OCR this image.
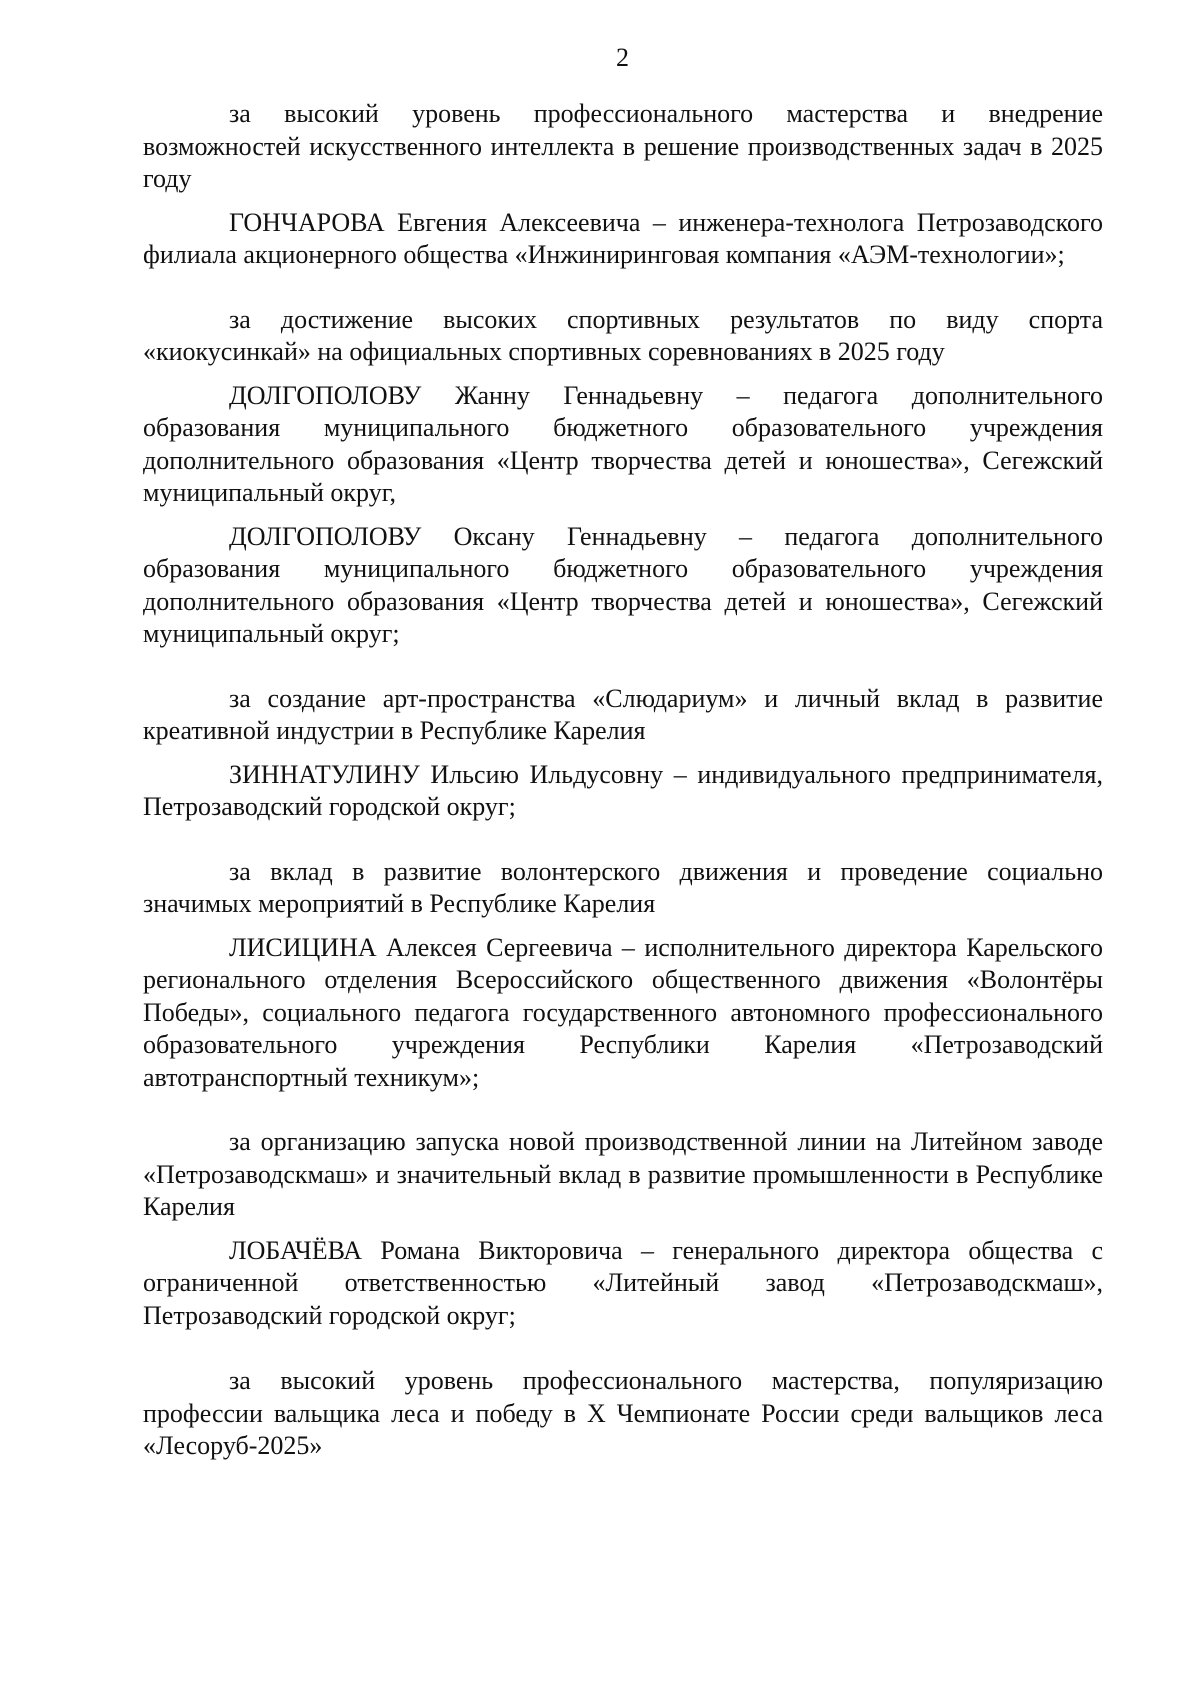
2

за высокий уровень профессионального мастерства и внедрение возможностей искусственного интеллекта в решение производственных задач в 2025 году

ГОНЧАРОВА Евгения Алексеевича – инженера-технолога Петрозаводского филиала акционерного общества «Инжиниринговая компания «АЭМ-технологии»;

за достижение высоких спортивных результатов по виду спорта «киокусинкай» на официальных спортивных соревнованиях в 2025 году

ДОЛГОПОЛОВУ Жанну Геннадьевну – педагога дополнительного образования муниципального бюджетного образовательного учреждения дополнительного образования «Центр творчества детей и юношества», Сегежский муниципальный округ,

ДОЛГОПОЛОВУ Оксану Геннадьевну – педагога дополнительного образования муниципального бюджетного образовательного учреждения дополнительного образования «Центр творчества детей и юношества», Сегежский муниципальный округ;

за создание арт-пространства «Слюдариум» и личный вклад в развитие креативной индустрии в Республике Карелия

ЗИННАТУЛИНУ Ильсию Ильдусовну – индивидуального предпринимателя, Петрозаводский городской округ;

за вклад в развитие волонтерского движения и проведение социально значимых мероприятий в Республике Карелия

ЛИСИЦИНА Алексея Сергеевича – исполнительного директора Карельского регионального отделения Всероссийского общественного движения «Волонтёры Победы», социального педагога государственного автономного профессионального образовательного учреждения Республики Карелия «Петрозаводский автотранспортный техникум»;

за организацию запуска новой производственной линии на Литейном заводе «Петрозаводскмаш» и значительный вклад в развитие промышленности в Республике Карелия

ЛОБАЧЁВА Романа Викторовича – генерального директора общества с ограниченной ответственностью «Литейный завод «Петрозаводскмаш», Петрозаводский городской округ;

за высокий уровень профессионального мастерства, популяризацию профессии вальщика леса и победу в Х Чемпионате России среди вальщиков леса «Лесоруб-2025»
